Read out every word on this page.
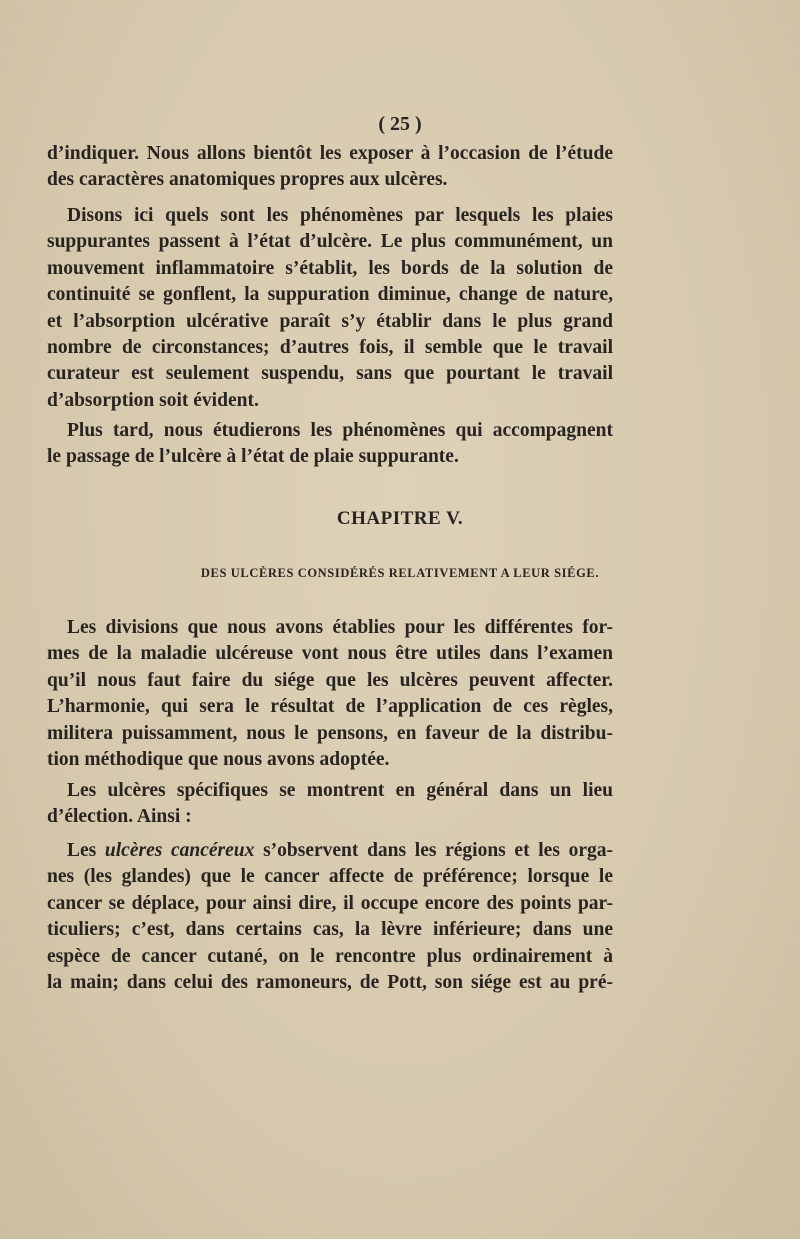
( 25 )
d’indiquer. Nous allons bientôt les exposer à l’occasion de l’étude
des caractères anatomiques propres aux ulcères.
Disons ici quels sont les phénomènes par lesquels les plaies
suppurantes passent à l’état d’ulcère. Le plus communément, un
mouvement inflammatoire s’établit, les bords de la solution de
continuité se gonflent, la suppuration diminue, change de nature,
et l’absorption ulcérative paraît s’y établir dans le plus grand
nombre de circonstances; d’autres fois, il semble que le travail
curateur est seulement suspendu, sans que pourtant le travail
d’absorption soit évident.
Plus tard, nous étudierons les phénomènes qui accompagnent
le passage de l’ulcère à l’état de plaie suppurante.
CHAPITRE V.
DES ULCÈRES CONSIDÉRÉS RELATIVEMENT A LEUR SIÉGE.
Les divisions que nous avons établies pour les différentes for-
mes de la maladie ulcéreuse vont nous être utiles dans l’examen
qu’il nous faut faire du siége que les ulcères peuvent affecter.
L’harmonie, qui sera le résultat de l’application de ces règles,
militera puissamment, nous le pensons, en faveur de la distribu-
tion méthodique que nous avons adoptée.
Les ulcères spécifiques se montrent en général dans un lieu
d’élection. Ainsi :
Les ulcères cancéreux s’observent dans les régions et les orga-
nes (les glandes) que le cancer affecte de préférence; lorsque le
cancer se déplace, pour ainsi dire, il occupe encore des points par-
ticuliers; c’est, dans certains cas, la lèvre inférieure; dans une
espèce de cancer cutané, on le rencontre plus ordinairement à
la main; dans celui des ramoneurs, de Pott, son siége est au pré-
